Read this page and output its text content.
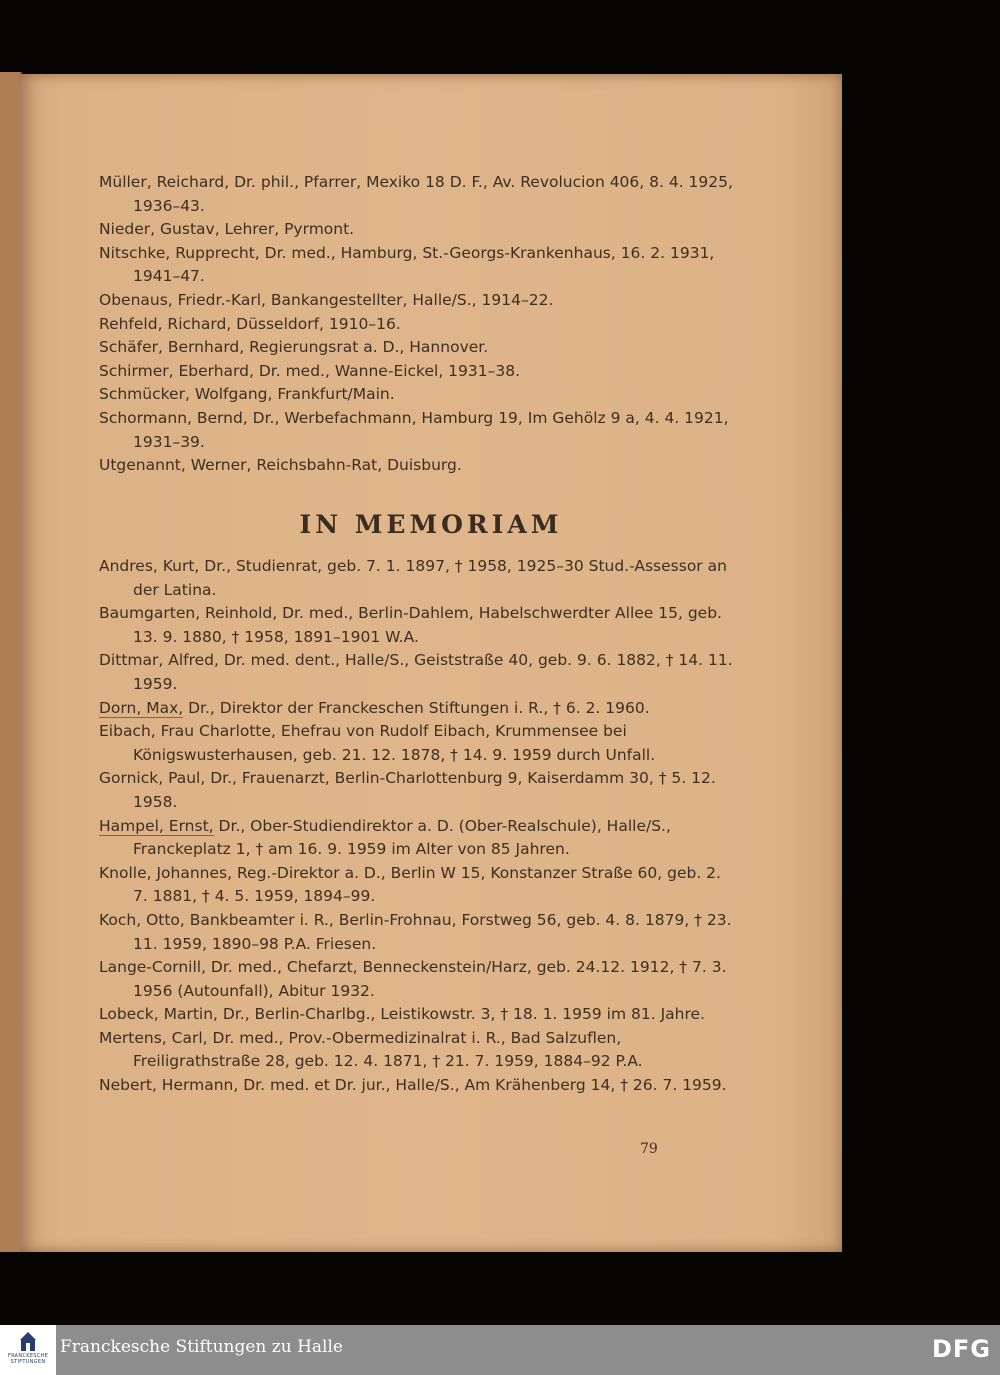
Müller, Reichard, Dr. phil., Pfarrer, Mexiko 18 D. F., Av. Revolucion 406, 8. 4. 1925, 1936–43.
Nieder, Gustav, Lehrer, Pyrmont.
Nitschke, Rupprecht, Dr. med., Hamburg, St.-Georgs-Krankenhaus, 16. 2. 1931, 1941–47.
Obenaus, Friedr.-Karl, Bankangestellter, Halle/S., 1914–22.
Rehfeld, Richard, Düsseldorf, 1910–16.
Schäfer, Bernhard, Regierungsrat a. D., Hannover.
Schirmer, Eberhard, Dr. med., Wanne-Eickel, 1931–38.
Schmücker, Wolfgang, Frankfurt/Main.
Schormann, Bernd, Dr., Werbefachmann, Hamburg 19, Im Gehölz 9 a, 4. 4. 1921, 1931–39.
Utgenannt, Werner, Reichsbahn-Rat, Duisburg.
IN MEMORIAM
Andres, Kurt, Dr., Studienrat, geb. 7. 1. 1897, † 1958, 1925–30 Stud.-Assessor an der Latina.
Baumgarten, Reinhold, Dr. med., Berlin-Dahlem, Habelschwerdter Allee 15, geb. 13. 9. 1880, † 1958, 1891–1901 W.A.
Dittmar, Alfred, Dr. med. dent., Halle/S., Geiststraße 40, geb. 9. 6. 1882, † 14. 11. 1959.
Dorn, Max, Dr., Direktor der Franckeschen Stiftungen i. R., † 6. 2. 1960.
Eibach, Frau Charlotte, Ehefrau von Rudolf Eibach, Krummensee bei Königswusterhausen, geb. 21. 12. 1878, † 14. 9. 1959 durch Unfall.
Gornick, Paul, Dr., Frauenarzt, Berlin-Charlottenburg 9, Kaiserdamm 30, † 5. 12. 1958.
Hampel, Ernst, Dr., Ober-Studiendirektor a. D. (Ober-Realschule), Halle/S., Franckeplatz 1, † am 16. 9. 1959 im Alter von 85 Jahren.
Knolle, Johannes, Reg.-Direktor a. D., Berlin W 15, Konstanzer Straße 60, geb. 2. 7. 1881, † 4. 5. 1959, 1894–99.
Koch, Otto, Bankbeamter i. R., Berlin-Frohnau, Forstweg 56, geb. 4. 8. 1879, † 23. 11. 1959, 1890–98 P.A. Friesen.
Lange-Cornill, Dr. med., Chefarzt, Benneckenstein/Harz, geb. 24.12. 1912, † 7. 3. 1956 (Autounfall), Abitur 1932.
Lobeck, Martin, Dr., Berlin-Charlbg., Leistikowstr. 3, † 18. 1. 1959 im 81. Jahre.
Mertens, Carl, Dr. med., Prov.-Obermedizinalrat i. R., Bad Salzuflen, Freiligrathstraße 28, geb. 12. 4. 1871, † 21. 7. 1959, 1884–92 P.A.
Nebert, Hermann, Dr. med. et Dr. jur., Halle/S., Am Krähenberg 14, † 26. 7. 1959.
79
FRANCKESCHE STIFTUNGEN
Franckesche Stiftungen zu Halle	DFG
